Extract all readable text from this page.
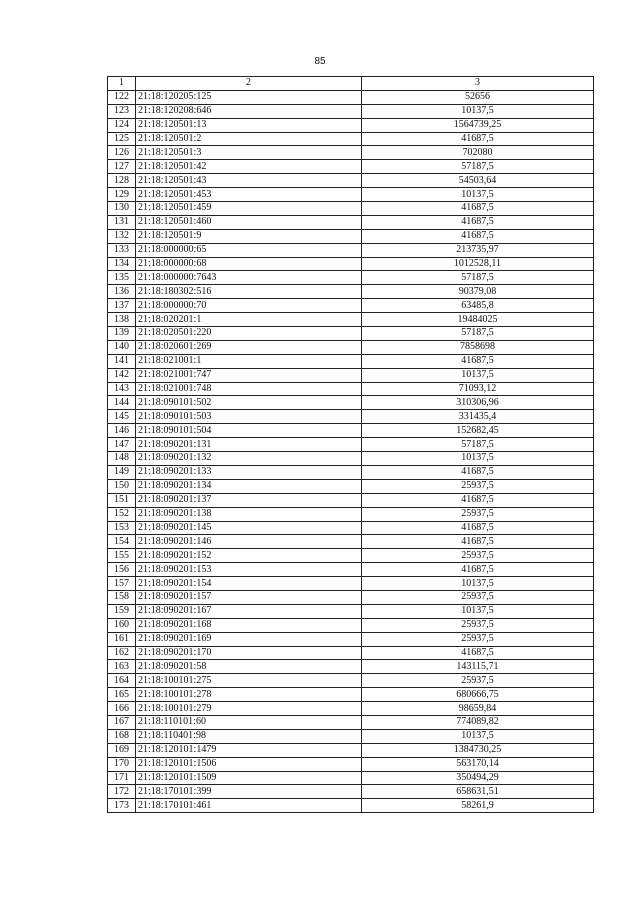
85
1	2	3
122	21:18:120205:125	52656
123	21:18:120208:646	10137,5
124	21:18:120501:13	1564739,25
125	21:18:120501:2	41687,5
126	21:18:120501:3	702080
127	21:18:120501:42	57187,5
128	21:18:120501:43	54503,64
129	21:18:120501:453	10137,5
130	21:18:120501:459	41687,5
131	21:18:120501:460	41687,5
132	21:18:120501:9	41687,5
133	21:18:000000:65	213735,97
134	21:18:000000:68	1012528,11
135	21:18:000000:7643	57187,5
136	21:18:180302:516	90379,08
137	21:18:000000:70	63485,8
138	21:18:020201:1	19484025
139	21:18:020501:220	57187,5
140	21:18:020601:269	7858698
141	21:18:021001:1	41687,5
142	21:18:021001:747	10137,5
143	21:18:021001:748	71093,12
144	21:18:090101:502	310306,96
145	21:18:090101:503	331435,4
146	21:18:090101:504	152682,45
147	21:18:090201:131	57187,5
148	21:18:090201:132	10137,5
149	21:18:090201:133	41687,5
150	21:18:090201:134	25937,5
151	21:18:090201:137	41687,5
152	21:18:090201:138	25937,5
153	21:18:090201:145	41687,5
154	21:18:090201:146	41687,5
155	21:18:090201:152	25937,5
156	21:18:090201:153	41687,5
157	21:18:090201:154	10137,5
158	21:18:090201:157	25937,5
159	21:18:090201:167	10137,5
160	21:18:090201:168	25937,5
161	21:18:090201:169	25937,5
162	21:18:090201:170	41687,5
163	21:18:090201:58	143115,71
164	21:18:100101:275	25937,5
165	21:18:100101:278	680666,75
166	21:18:100101:279	98659,84
167	21:18:110101:60	774089,82
168	21:18:110401:98	10137,5
169	21:18:120101:1479	1384730,25
170	21:18:120101:1506	563170,14
171	21:18:120101:1509	350494,29
172	21:18:170101:399	658631,51
173	21:18:170101:461	58261,9
